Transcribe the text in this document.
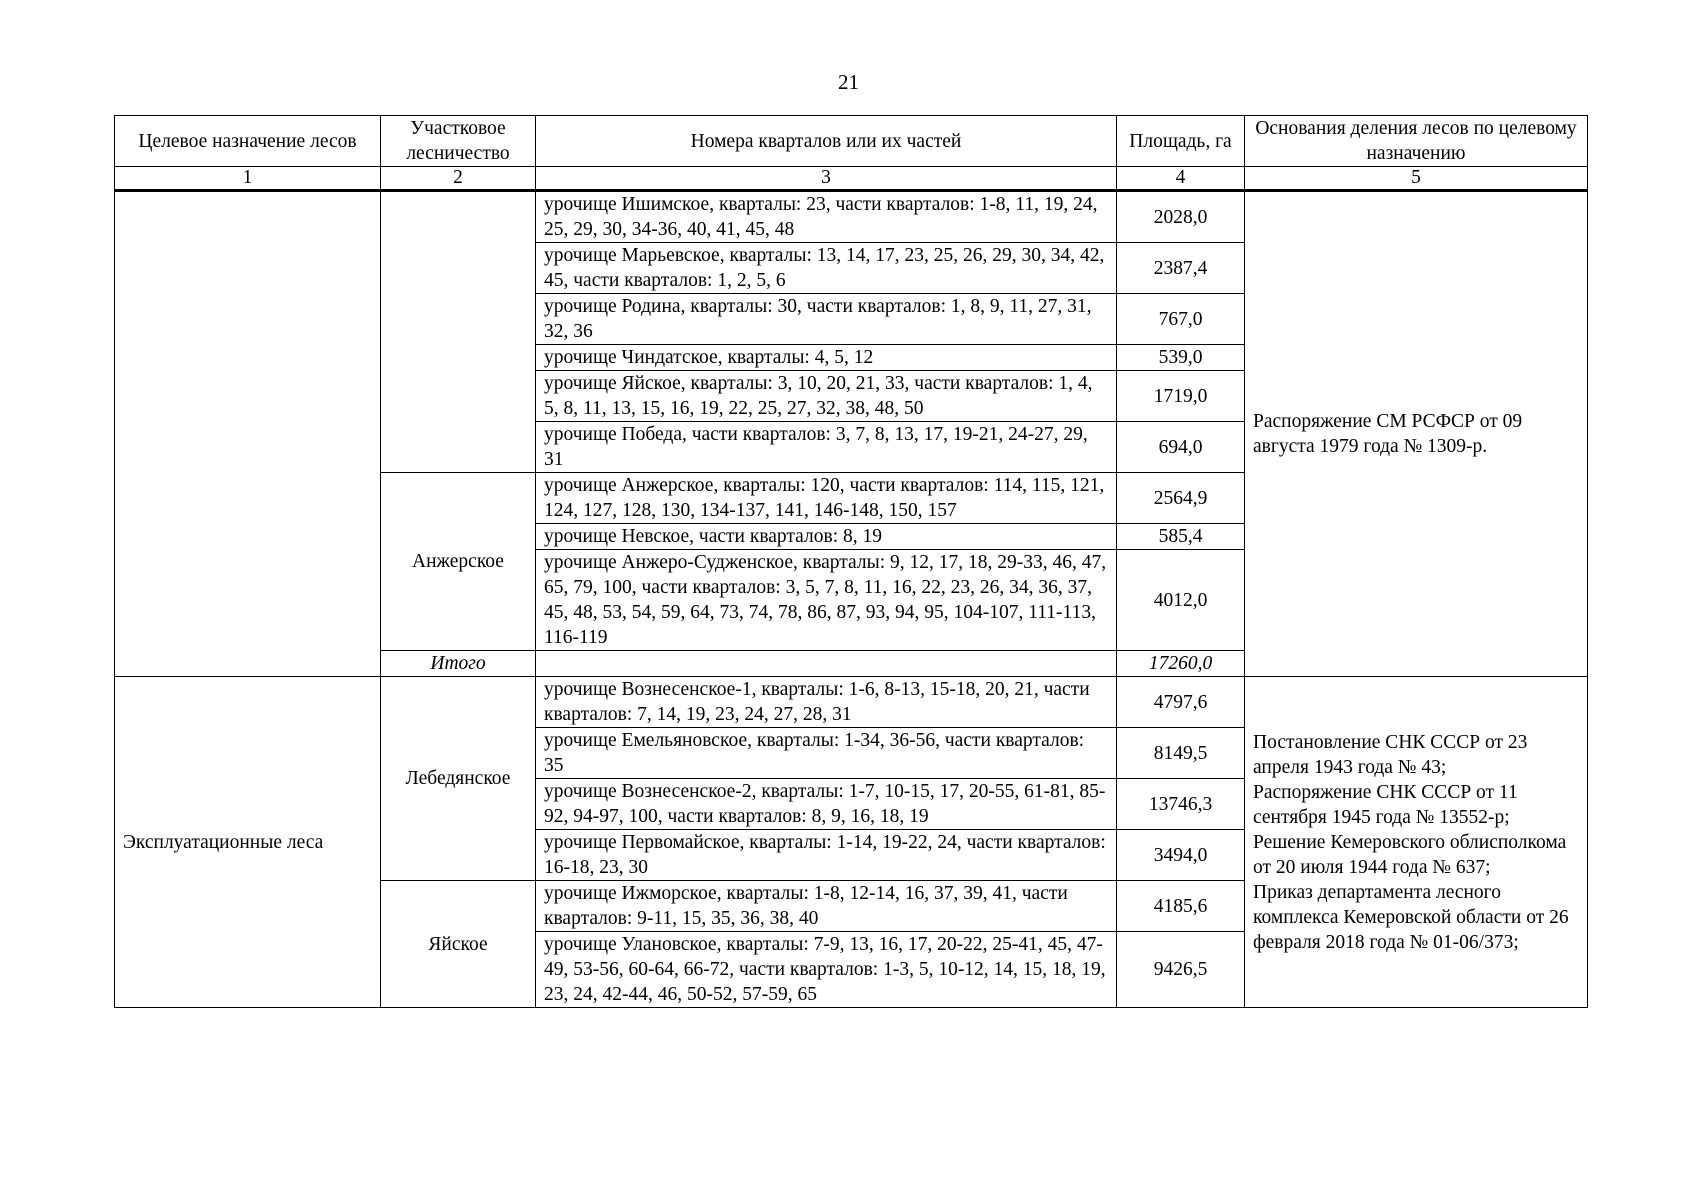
21
Целевое назначение лесов	Участковое лесничество	Номера кварталов или их частей	Площадь, га	Основания деления лесов по целевому назначению
1	2	3	4	5
		урочище Ишимское, кварталы: 23, части кварталов: 1-8, 11, 19, 24, 25, 29, 30, 34-36, 40, 41, 45, 48	2028,0	Распоряжение СМ РСФСР от 09 августа 1979 года № 1309-р.
		урочище Марьевское, кварталы: 13, 14, 17, 23, 25, 26, 29, 30, 34, 42, 45, части кварталов: 1, 2, 5, 6	2387,4	
		урочище Родина, кварталы: 30, части кварталов: 1, 8, 9, 11, 27, 31, 32, 36	767,0	
		урочище Чиндатское, кварталы: 4, 5, 12	539,0	
		урочище Яйское, кварталы: 3, 10, 20, 21, 33, части кварталов: 1, 4, 5, 8, 11, 13, 15, 16, 19, 22, 25, 27, 32, 38, 48, 50	1719,0	
		урочище Победа, части кварталов: 3, 7, 8, 13, 17, 19-21, 24-27, 29, 31	694,0	
	Анжерское	урочище Анжерское, кварталы: 120, части кварталов: 114, 115, 121, 124, 127, 128, 130, 134-137, 141, 146-148, 150, 157	2564,9	
		урочище Невское, части кварталов: 8, 19	585,4	
		урочище Анжеро-Судженское, кварталы: 9, 12, 17, 18, 29-33, 46, 47, 65, 79, 100, части кварталов: 3, 5, 7, 8, 11, 16, 22, 23, 26, 34, 36, 37, 45, 48, 53, 54, 59, 64, 73, 74, 78, 86, 87, 93, 94, 95, 104-107, 111-113, 116-119	4012,0	
	Итого		17260,0	
Эксплуатационные леса	Лебедянское	урочище Вознесенское-1, кварталы: 1-6, 8-13, 15-18, 20, 21, части кварталов: 7, 14, 19, 23, 24, 27, 28, 31	4797,6	Постановление СНК СССР от 23 апреля 1943 года № 43;
Распоряжение СНК СССР от 11 сентября 1945 года № 13552-р;
Решение Кемеровского облисполкома от 20 июля 1944 года № 637;
Приказ департамента лесного комплекса Кемеровской области от 26 февраля 2018 года № 01-06/373;

		урочище Емельяновское, кварталы: 1-34, 36-56, части кварталов: 35	8149,5	
		урочище Вознесенское-2, кварталы: 1-7, 10-15, 17, 20-55, 61-81, 85-92, 94-97, 100, части кварталов: 8, 9, 16, 18, 19	13746,3	
		урочище Первомайское, кварталы: 1-14, 19-22, 24, части кварталов: 16-18, 23, 30	3494,0	
	Яйское	урочище Ижморское, кварталы: 1-8, 12-14, 16, 37, 39, 41, части кварталов: 9-11, 15, 35, 36, 38, 40	4185,6	
		урочище Улановское, кварталы: 7-9, 13, 16, 17, 20-22, 25-41, 45, 47-49, 53-56, 60-64, 66-72, части кварталов: 1-3, 5, 10-12, 14, 15, 18, 19, 23, 24, 42-44, 46, 50-52, 57-59, 65	9426,5	
